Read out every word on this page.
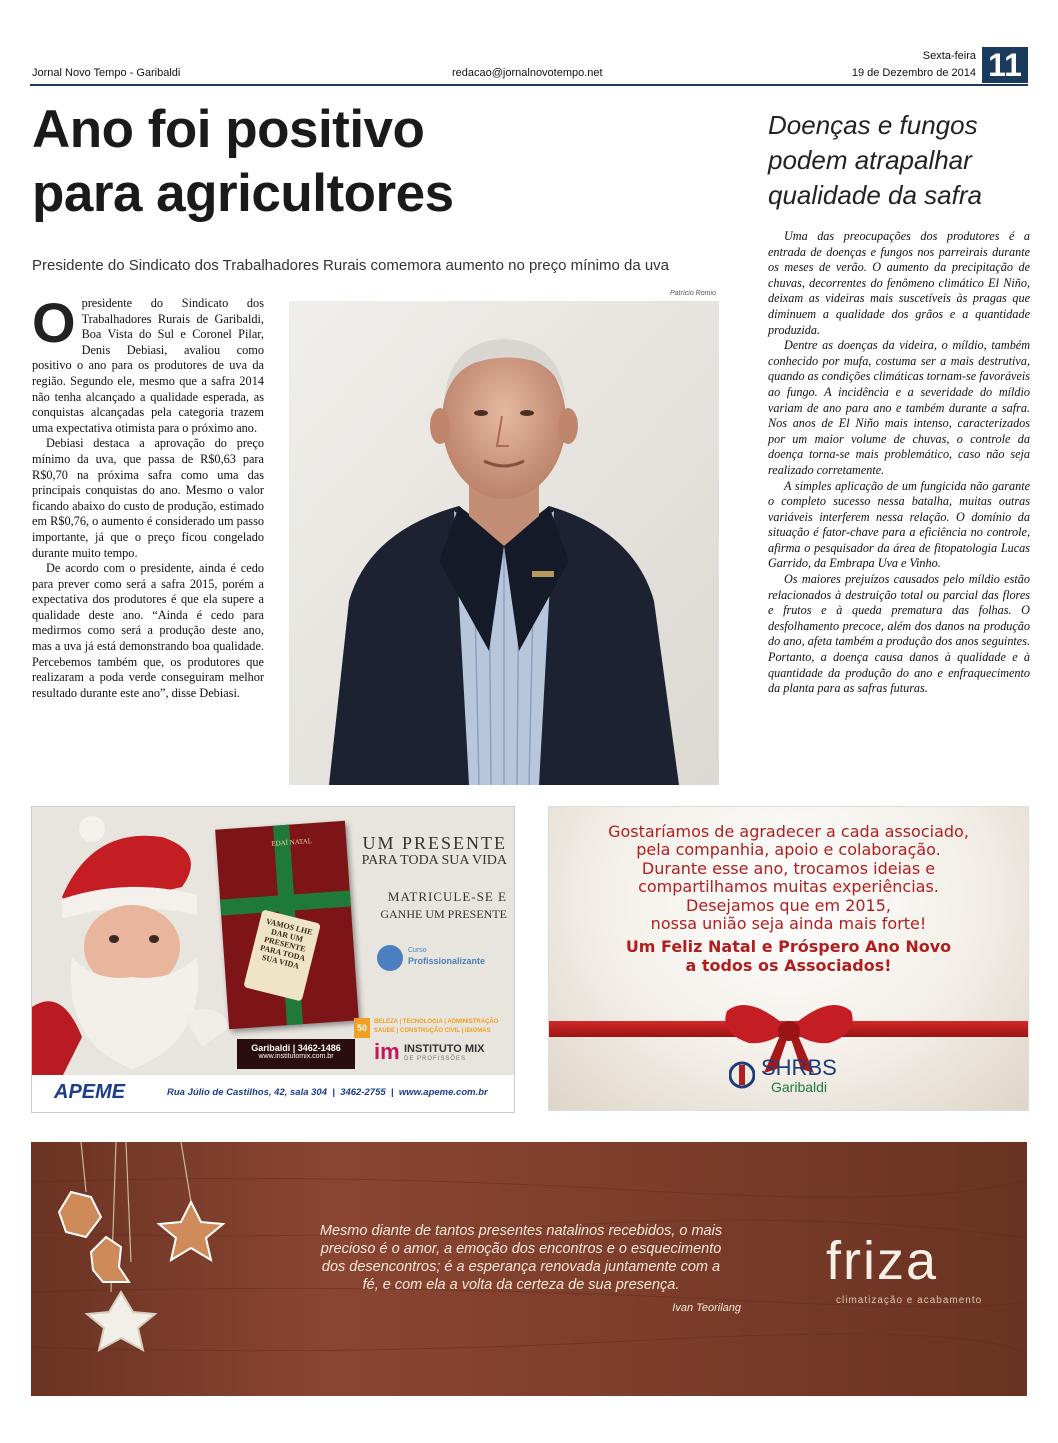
Jornal Novo Tempo - Garibaldi	redacao@jornalnovotempo.net
Sexta-feira
19 de Dezembro de 2014 11
Ano foi positivo
para agricultores
Presidente do Sindicato dos Trabalhadores Rurais comemora aumento no preço mínimo da uva

Opresidente do Sindicato dos Trabalhadores Rurais de Garibaldi, Boa Vista do Sul e Coronel Pilar, Denis Debiasi, avaliou como positivo o ano para os produtores de uva da região. Segundo ele, mesmo que a safra 2014 não tenha alcançado a qualidade esperada, as conquistas alcançadas pela categoria trazem uma expectativa otimista para o próximo ano.

Debiasi destaca a aprovação do preço mínimo da uva, que passa de R$0,63 para R$0,70 na próxima safra como uma das principais conquistas do ano. Mesmo o valor ficando abaixo do custo de produção, estimado em R$0,76, o aumento é considerado um passo importante, já que o preço ficou congelado durante muito tempo.

De acordo com o presidente, ainda é cedo para prever como será a safra 2015, porém a expectativa dos produtores é que ela supere a qualidade deste ano. “Ainda é cedo para medirmos como será a produção deste ano, mas a uva já está demonstrando boa qualidade. Percebemos também que, os produtores que realizaram a poda verde conseguiram melhor resultado durante este ano”, disse Debiasi.

Patrício Romio
Doenças e fungos
podem atrapalhar
qualidade da safra

Uma das preocupações dos produtores é a entrada de doenças e fungos nos parreirais durante os meses de verão. O aumento da precipitação de chuvas, decorrentes do fenômeno climático El Niño, deixam as videiras mais suscetíveis às pragas que diminuem a qualidade dos grãos e a quantidade produzida.

Dentre as doenças da videira, o míldio, também conhecido por mufa, costuma ser a mais destrutiva, quando as condições climáticas tornam-se favoráveis ao fungo. A incidência e a severidade do míldio variam de ano para ano e também durante a safra. Nos anos de El Niño mais intenso, caracterizados por um maior volume de chuvas, o controle da doença torna-se mais problemático, caso não seja realizado corretamente.

A simples aplicação de um fungicida não garante o completo sucesso nessa batalha, muitas outras variáveis interferem nessa relação. O domínio da situação é fator-chave para a eficiência no controle, afirma o pesquisador da área de fitopatologia Lucas Garrido, da Embrapa Uva e Vinho.

Os maiores prejuízos causados pelo míldio estão relacionados à destruição total ou parcial das flores e frutos e à queda prematura das folhas. O desfolhamento precoce, além dos danos na produção do ano, afeta também a produção dos anos seguintes. Portanto, a doença causa danos à qualidade e à quantidade da produção do ano e enfraquecimento da planta para as safras futuras.

EDAÍ NATAL
VAMOS LHE DAR UM PRESENTE PARA TODA SUA VIDA
UM PRESENTE
PARA TODA SUA VIDA
MATRICULE-SE E
GANHE UM PRESENTE
Curso
Profissionalizante
50
BELEZA | TECNOLOGIA | ADMINISTRAÇÃO
SAÚDE | CONSTRUÇÃO CIVIL | IDIOMAS
Garibaldi | 3462-1486
www.institutomix.com.br	im INSTITUTO MIX
DE PROFISSÕES
APEME	Rua Júlio de Castilhos, 42, sala 304  |  3462-2755  |  www.apeme.com.br
Gostaríamos de agradecer a cada associado,
pela companhia, apoio e colaboração.
Durante esse ano, trocamos ideias e
compartilhamos muitas experiências.
Desejamos que em 2015,
nossa união seja ainda mais forte!
Um Feliz Natal e Próspero Ano Novo
a todos os Associados!
SHRBS
Garibaldi
Mesmo diante de tantos presentes natalinos recebidos, o mais
precioso é o amor, a emoção dos encontros e o esquecimento
dos desencontros; é a esperança renovada juntamente com a
fé, e com ela a volta da certeza de sua presença.
Ivan Teorilang
friza
climatização e acabamento
